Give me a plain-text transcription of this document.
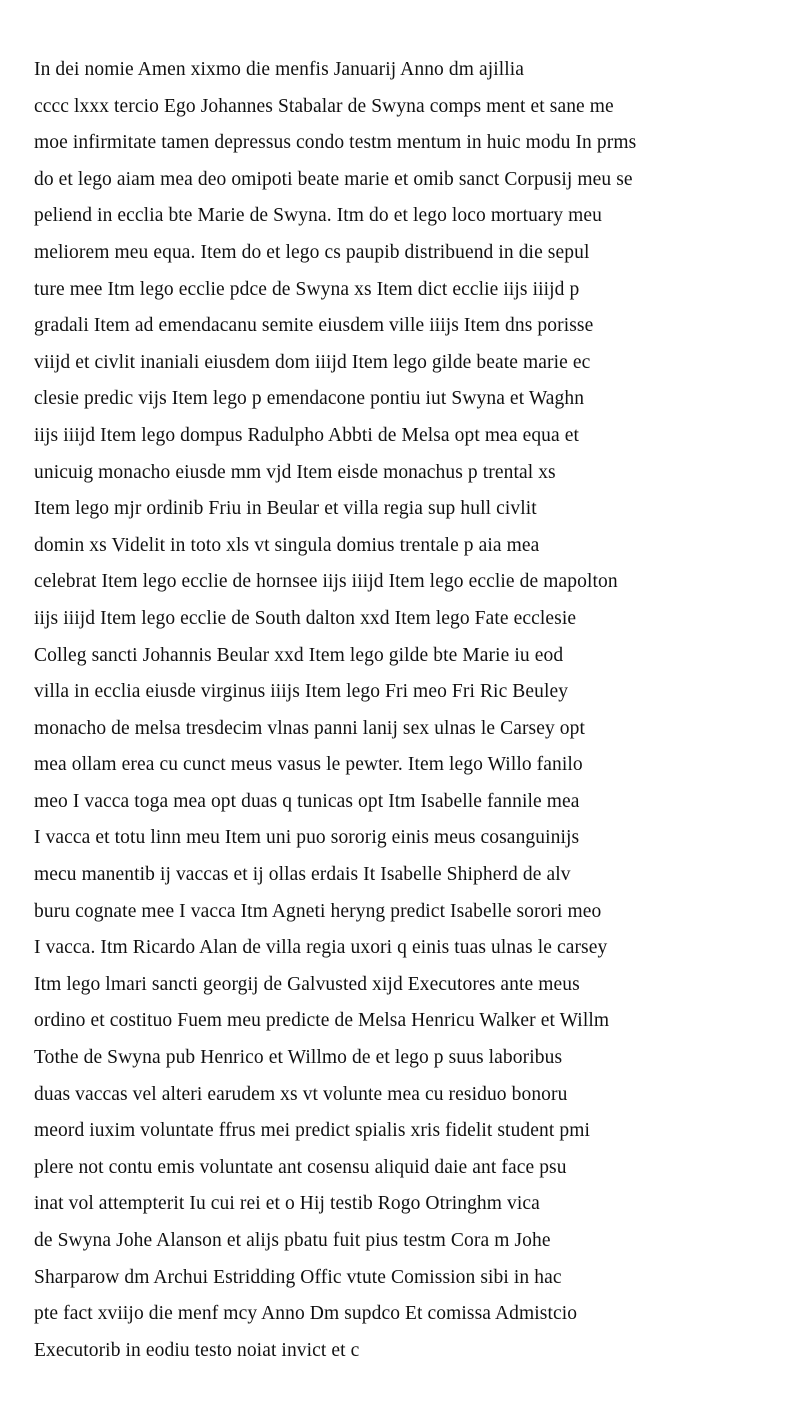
In dei nomie Amen xixmo die menfis Januarij Anno dm ajillia
cccc lxxx tercio Ego Johannes Stabalar de Swyna comps ment et sane me
moe infirmitate tamen depressus condo testm mentum in huic modu In prms
do et lego aiam mea deo omipoti beate marie et omib sanct Corpusij meu se
peliend in ecclia bte Marie de Swyna. Itm do et lego loco mortuary meu
meliorem meu equa. Item do et lego cs paupib distribuend in die sepul
ture mee Itm lego ecclie pdce de Swyna xs Item dict ecclie iijs iiijd p
gradali Item ad emendacanu semite eiusdem ville iiijs Item dns porisse
viijd et civlit inaniali eiusdem dom iiijd Item lego gilde beate marie ec
clesie predic vijs Item lego p emendacone pontiu iut Swyna et Waghn
iijs iiijd Item lego dompus Radulpho Abbti de Melsa opt mea equa et
unicuig monacho eiusde mm vjd Item eisde monachus p trental xs
Item lego mjr ordinib Friu in Beular et villa regia sup hull civlit
domin xs Videlit in toto xls vt singula domius trentale p aia mea
celebrat Item lego ecclie de hornsee iijs iiijd Item lego ecclie de mapolton
iijs iiijd Item lego ecclie de South dalton xxd Item lego Fate ecclesie
Colleg sancti Johannis Beular xxd Item lego gilde bte Marie iu eod
villa in ecclia eiusde virginus iiijs Item lego Fri meo Fri Ric Beuley
monacho de melsa tresdecim vlnas panni lanij sex ulnas le Carsey opt
mea ollam erea cu cunct meus vasus le pewter. Item lego Willo fanilo
meo I vacca toga mea opt duas q tunicas opt Itm Isabelle fannile mea
I vacca et totu linn meu Item uni puo sororig einis meus cosanguinijs
mecu manentib ij vaccas et ij ollas erdais It Isabelle Shipherd de alv
buru cognate mee I vacca Itm Agneti heryng predict Isabelle sorori meo
I vacca. Itm Ricardo Alan de villa regia uxori q einis tuas ulnas le carsey
Itm lego lmari sancti georgij de Galvusted xijd Executores ante meus
ordino et costituo Fuem meu predicte de Melsa Henricu Walker et Willm
Tothe de Swyna pub Henrico et Willmo de et lego p suus laboribus
duas vaccas vel alteri earudem xs vt volunte mea cu residuo bonoru
meord iuxim voluntate ffrus mei predict spialis xris fidelit student pmi
plere not contu emis voluntate ant cosensu aliquid daie ant face psu
inat vol attempterit Iu cui rei et o Hij testib Rogo Otringhm vica
de Swyna Johe Alanson et alijs pbatu fuit pius testm Cora m Johe
Sharparow dm Archui Estridding Offic vtute Comission sibi in hac
pte fact xviijo die menf mcy Anno Dm supdco Et comissa Admistcio
Executorib in eodiu testo noiat invict et c
